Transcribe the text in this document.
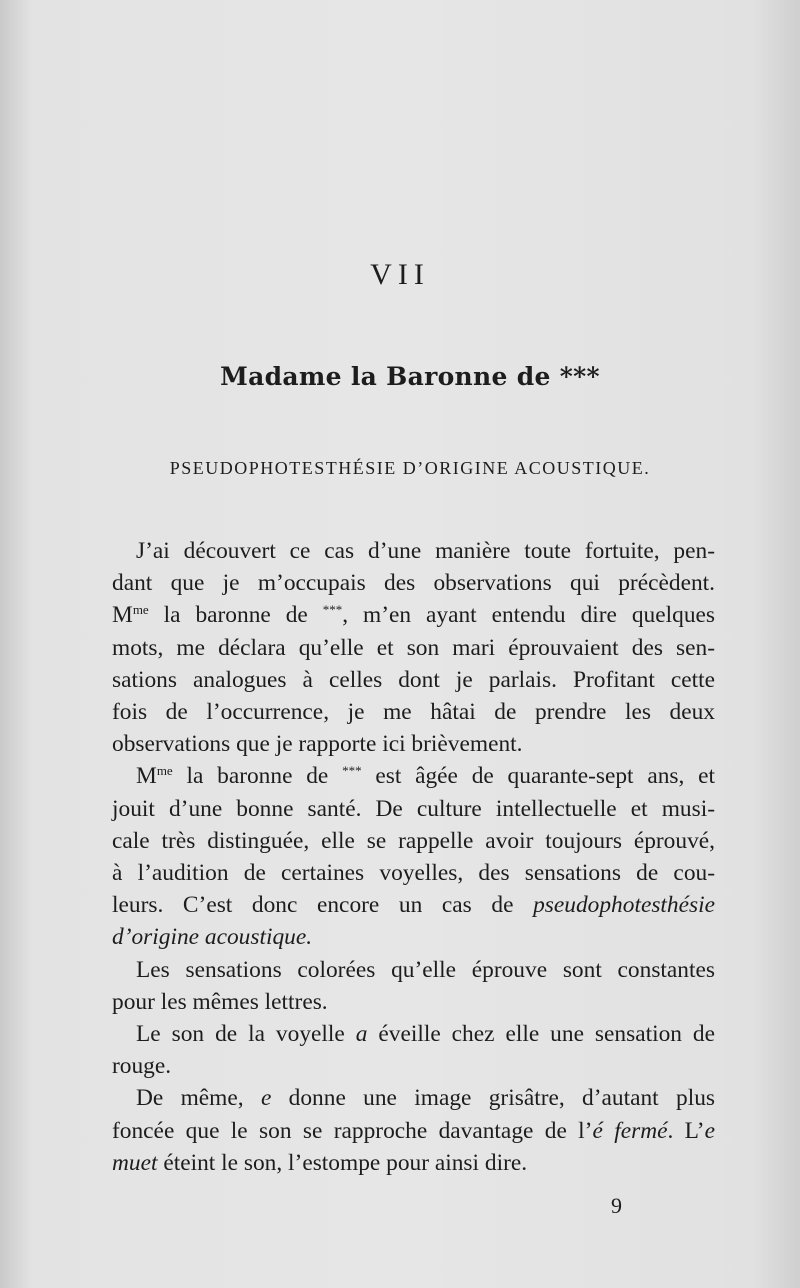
VII
Madame la Baronne de ***
PSEUDOPHOTESTHÉSIE D’ORIGINE ACOUSTIQUE.

J’ai découvert ce cas d’une manière toute fortuite, pen-
dant que je m’occupais des observations qui précèdent.
$M^{me}$ la baronne de ***, m’en ayant entendu dire quelques
mots, me déclara qu’elle et son mari éprouvaient des sen-
sations analogues à celles dont je parlais. Profitant cette
fois de l’occurrence, je me hâtai de prendre les deux
observations que je rapporte ici brièvement.

$M^{me}$ la baronne de *** est âgée de quarante-sept ans, et
jouit d’une bonne santé. De culture intellectuelle et musi-
cale très distinguée, elle se rappelle avoir toujours éprouvé,
à l’audition de certaines voyelles, des sensations de cou-
leurs. C’est donc encore un cas de pseudophotesthésie
d’origine acoustique.

Les sensations colorées qu’elle éprouve sont constantes
pour les mêmes lettres.

Le son de la voyelle a éveille chez elle une sensation de
rouge.

De même, e donne une image grisâtre, d’autant plus
foncée que le son se rapproche davantage de l’é fermé. L’e
muet éteint le son, l’estompe pour ainsi dire.

9
